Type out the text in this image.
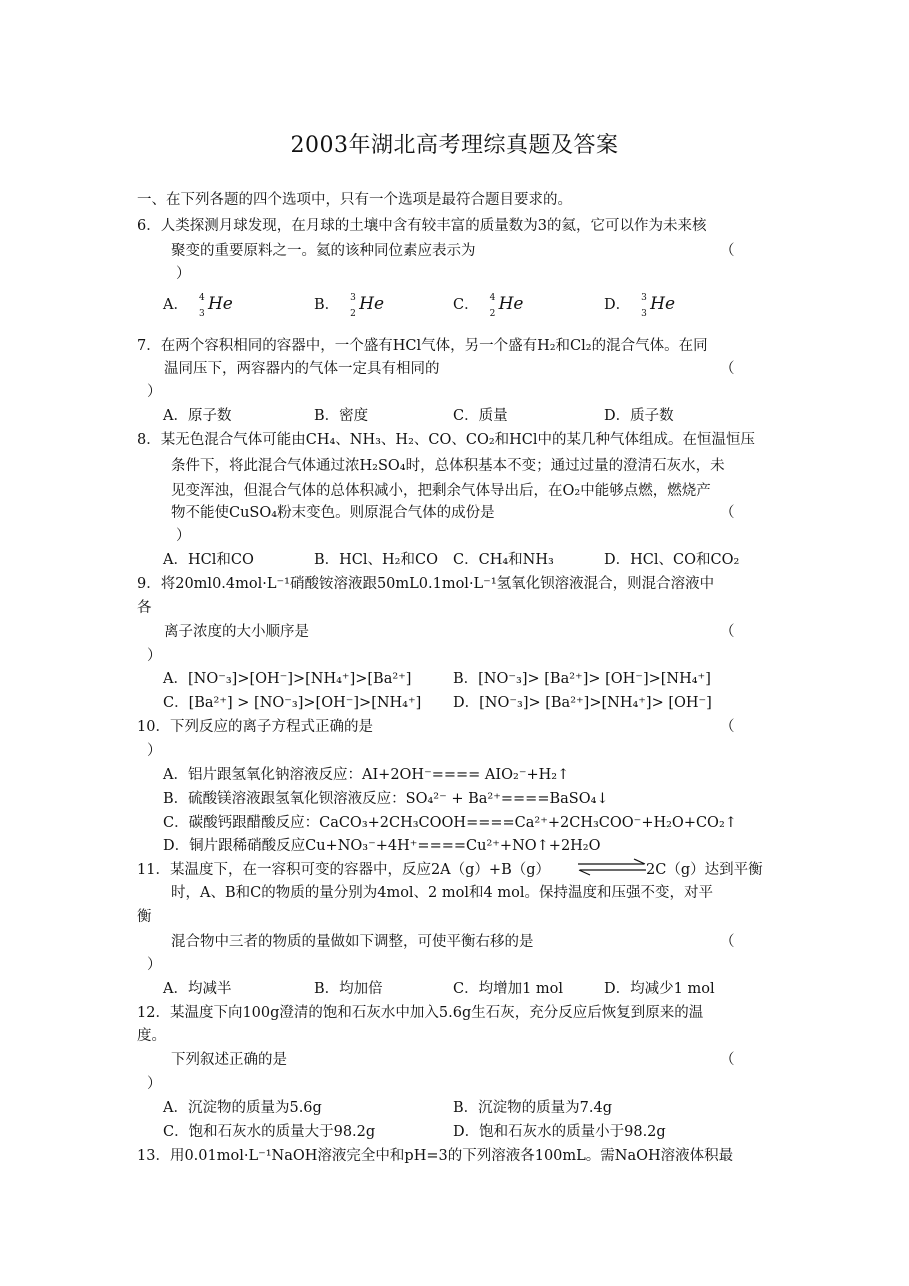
2003年湖北高考理综真题及答案
一、在下列各题的四个选项中，只有一个选项是最符合题目要求的。
6．人类探测月球发现，在月球的土壤中含有较丰富的质量数为3的氦，它可以作为未来核
聚变的重要原料之一。氦的该种同位素应表示为	（
）
A． 4
3 He	B． 3
2 He	C． 4
2 He	D． 3
3 He
7．在两个容积相同的容器中，一个盛有HCl气体，另一个盛有H₂和Cl₂的混合气体。在同
温同压下，两容器内的气体一定具有相同的	（
）
A．原子数	B．密度	C．质量	D．质子数
8．某无色混合气体可能由CH₄、NH₃、H₂、CO、CO₂和HCl中的某几种气体组成。在恒温恒压
条件下，将此混合气体通过浓H₂SO₄时，总体积基本不变；通过过量的澄清石灰水，未
见变浑浊，但混合气体的总体积减小，把剩余气体导出后，在O₂中能够点燃，燃烧产
物不能使CuSO₄粉末变色。则原混合气体的成份是	（
）
A．HCl和CO	B．HCl、H₂和CO C．CH₄和NH₃	D．HCl、CO和CO₂
9．将20ml0.4mol·L⁻¹硝酸铵溶液跟50mL0.1mol·L⁻¹氢氧化钡溶液混合，则混合溶液中
各
离子浓度的大小顺序是	（
）
A．[NO⁻₃]>[OH⁻]>[NH₄⁺]>[Ba²⁺]	B．[NO⁻₃]> [Ba²⁺]> [OH⁻]>[NH₄⁺]
C．[Ba²⁺] > [NO⁻₃]>[OH⁻]>[NH₄⁺] D．[NO⁻₃]> [Ba²⁺]>[NH₄⁺]> [OH⁻]
10．下列反应的离子方程式正确的是	（
）
A．铝片跟氢氧化钠溶液反应：AI+2OH⁻==== AIO₂⁻+H₂↑
B．硫酸镁溶液跟氢氧化钡溶液反应：SO₄²⁻ + Ba²⁺====BaSO₄↓
C．碳酸钙跟醋酸反应：CaCO₃+2CH₃COOH====Ca²⁺+2CH₃COO⁻+H₂O+CO₂↑
D．铜片跟稀硝酸反应Cu+NO₃⁻+4H⁺====Cu²⁺+NO↑+2H₂O
11．某温度下，在一容积可变的容器中，反应2A（g）+B（g）	2C（g）达到平衡
时，A、B和C的物质的量分别为4mol、2 mol和4 mol。保持温度和压强不变，对平
衡
混合物中三者的物质的量做如下调整，可使平衡右移的是	（
）
A．均减半	B．均加倍	C．均增加1 mol	D．均减少1 mol
12．某温度下向100g澄清的饱和石灰水中加入5.6g生石灰，充分反应后恢复到原来的温
度。
下列叙述正确的是	（
）
A．沉淀物的质量为5.6g	B．沉淀物的质量为7.4g
C．饱和石灰水的质量大于98.2g	D．饱和石灰水的质量小于98.2g
13．用0.01mol·L⁻¹NaOH溶液完全中和pH=3的下列溶液各100mL。需NaOH溶液体积最
